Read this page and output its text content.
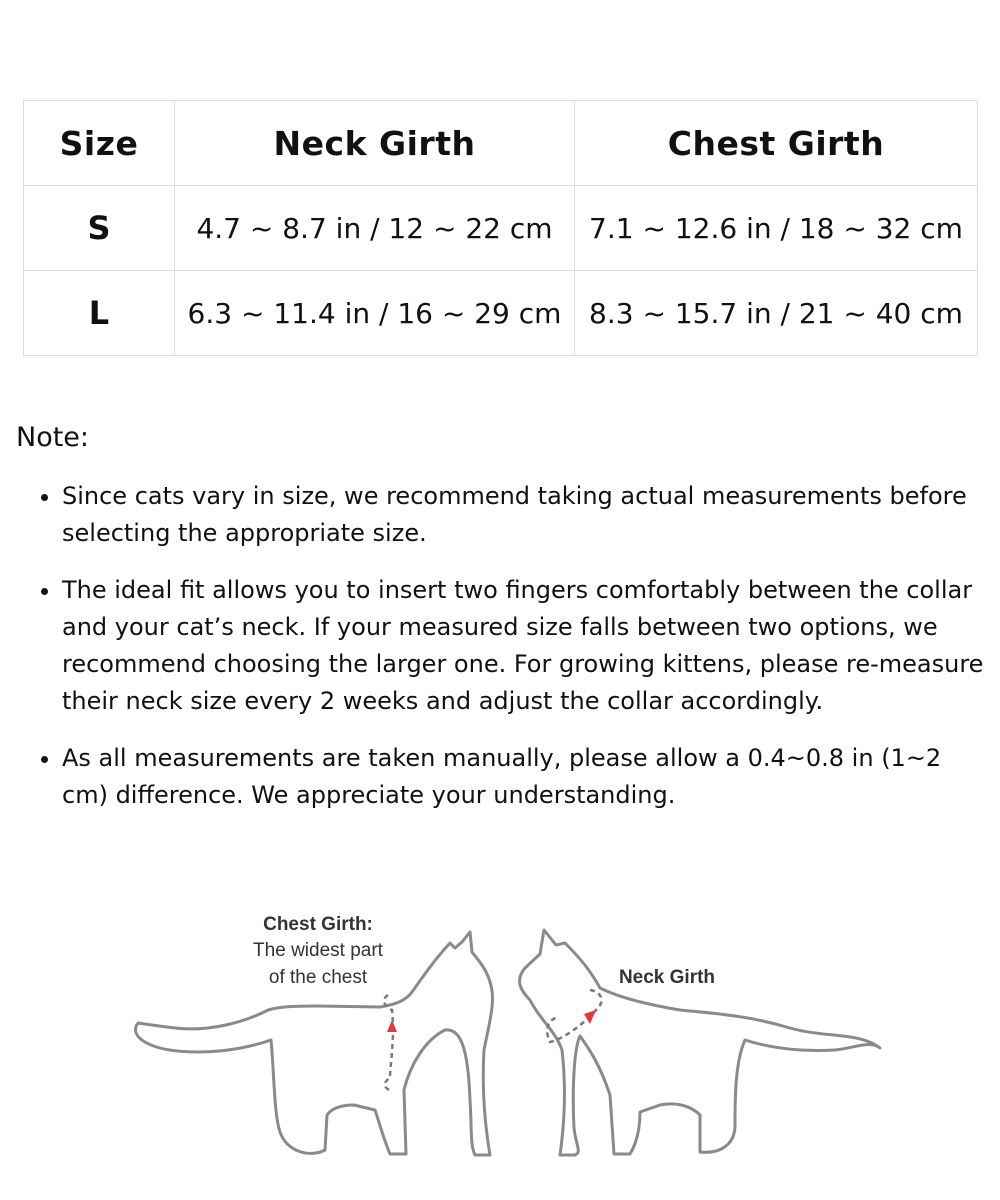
Size	Neck Girth	Chest Girth
S	4.7 ~ 8.7 in / 12 ~ 22 cm	7.1 ~ 12.6 in / 18 ~ 32 cm
L	6.3 ~ 11.4 in / 16 ~ 29 cm	8.3 ~ 15.7 in / 21 ~ 40 cm

Note:

• Since cats vary in size, we recommend taking actual measurements before selecting the appropriate size.
• The ideal fit allows you to insert two fingers comfortably between the collar and your cat’s neck. If your measured size falls between two options, we recommend choosing the larger one. For growing kittens, please re-measure their neck size every 2 weeks and adjust the collar accordingly.
• As all measurements are taken manually, please allow a 0.4~0.8 in (1~2 cm) difference. We appreciate your understanding.
Chest Girth:
The widest part
of the chest	Neck Girth
